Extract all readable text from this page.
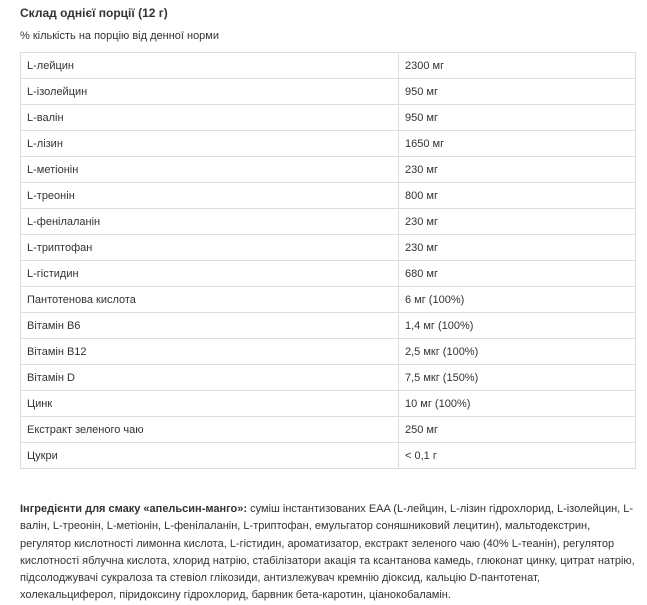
Склад однієї порції (12 г)
% кількість на порцію від денної норми
L-лейцин	2300 мг
L-ізолейцин	950 мг
L-валін	950 мг
L-лізин	1650 мг
L-метіонін	230 мг
L-треонін	800 мг
L-фенілаланін	230 мг
L-триптофан	230 мг
L-гістидин	680 мг
Пантотенова кислота	6 мг (100%)
Вітамін B6	1,4 мг (100%)
Вітамін B12	2,5 мкг (100%)
Вітамін D	7,5 мкг (150%)
Цинк	10 мг (100%)
Екстракт зеленого чаю	250 мг
Цукри	< 0,1 г
Інгредієнти для смаку «апельсин-манго»: суміш інстантизованих EAA (L-лейцин, L-лізин гідрохлорид, L-ізолейцин, L-валін, L-треонін, L-метіонін, L-фенілаланін, L-триптофан, емульгатор соняшниковий лецитин), мальтодекстрин, регулятор кислотності лимонна кислота, L-гістидин, ароматизатор, екстракт зеленого чаю (40% L-теанін), регулятор кислотності яблучна кислота, хлорид натрію, стабілізатори акація та ксантанова камедь, глюконат цинку, цитрат натрію, підсолоджувачі сукралоза та стевіол глікозиди, антизлежувач кремнію діоксид, кальцію D-пантотенат, холекальциферол, піридоксину гідрохлорид, барвник бета-каротин, ціанокобаламін.
